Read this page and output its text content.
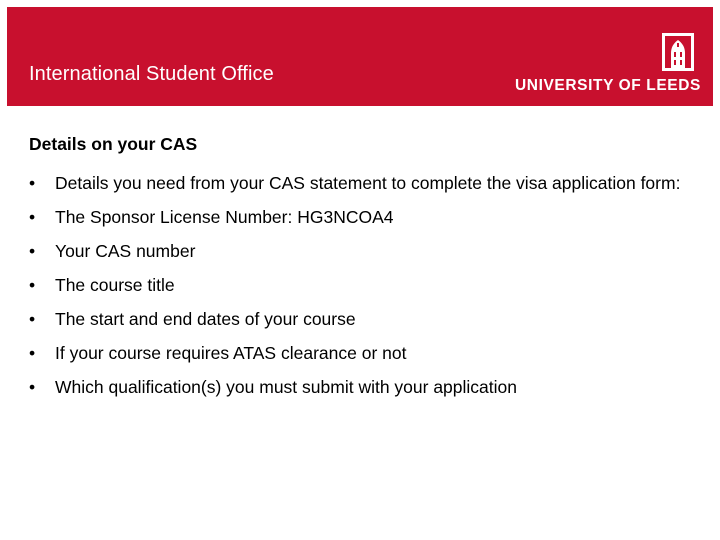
International Student Office
UNIVERSITY OF LEEDS
Details on your CAS
• Details you need from your CAS statement to complete the visa application form:
• The Sponsor License Number: HG3NCOA4
• Your CAS number
• The course title
• The start and end dates of your course
• If your course requires ATAS clearance or not
• Which qualification(s) you must submit with your application
